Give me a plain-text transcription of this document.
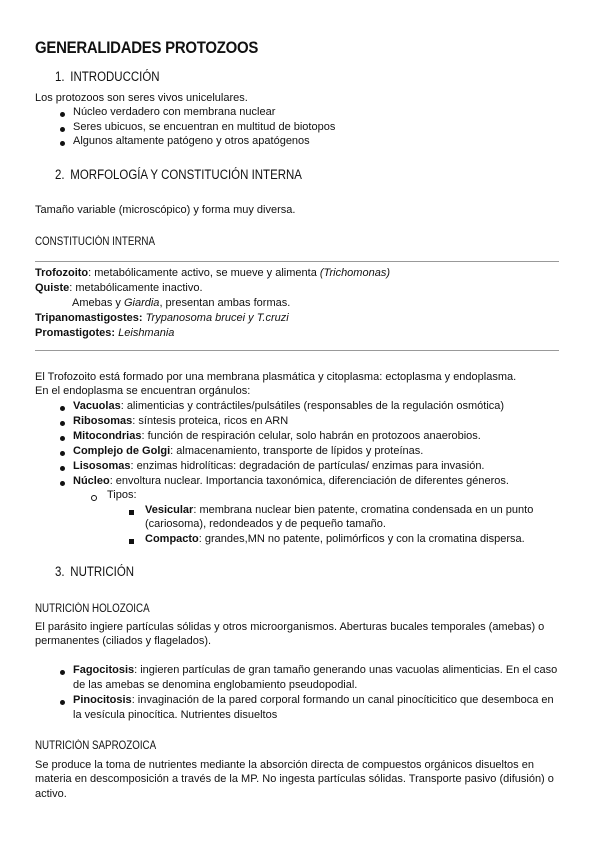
GENERALIDADES PROTOZOOS
1. INTRODUCCIÓN
Los protozoos son seres vivos unicelulares.
Núcleo verdadero con membrana nuclear
Seres ubicuos, se encuentran en multitud de biotopos
Algunos altamente patógeno y otros apatógenos
2. MORFOLOGÍA Y CONSTITUCIÓN INTERNA
Tamaño variable (microscópico) y forma muy diversa.
CONSTITUCIÓN INTERNA
Trofozoito: metabólicamente activo, se mueve y alimenta (Trichomonas)
Quiste: metabólicamente inactivo.
Amebas y Giardia, presentan ambas formas.
Tripanomastigostes: Trypanosoma brucei y T.cruzi
Promastigotes: Leishmania
El Trofozoito está formado por una membrana plasmática y citoplasma: ectoplasma y endoplasma.
En el endoplasma se encuentran orgánulos:
Vacuolas: alimenticias y contráctiles/pulsátiles (responsables de la regulación osmótica)
Ribosomas: síntesis proteica, ricos en ARN
Mitocondrias: función de respiración celular, solo habrán en protozoos anaerobios.
Complejo de Golgi: almacenamiento, transporte de lípidos y proteínas.
Lisosomas: enzimas hidrolíticas: degradación de partículas/ enzimas para invasión.
Núcleo: envoltura nuclear. Importancia taxonómica, diferenciación de diferentes géneros.
Tipos:
Vesicular: membrana nuclear bien patente, cromatina condensada en un punto
(cariosoma), redondeados y de pequeño tamaño.
Compacto: grandes,MN no patente, polimórficos y con la cromatina dispersa.
3. NUTRICIÓN
NUTRICIÓN HOLOZOICA
El parásito ingiere partículas sólidas y otros microorganismos. Aberturas bucales temporales (amebas) o
permanentes (ciliados y flagelados).
Fagocitosis: ingieren partículas de gran tamaño generando unas vacuolas alimenticias. En el caso
de las amebas se denomina englobamiento pseudopodial.
Pinocitosis: invaginación de la pared corporal formando un canal pinocíticitico que desemboca en
la vesícula pinocítica. Nutrientes disueltos
NUTRICIÓN SAPROZOICA
Se produce la toma de nutrientes mediante la absorción directa de compuestos orgánicos disueltos en
materia en descomposición a través de la MP. No ingesta partículas sólidas. Transporte pasivo (difusión) o
activo.
